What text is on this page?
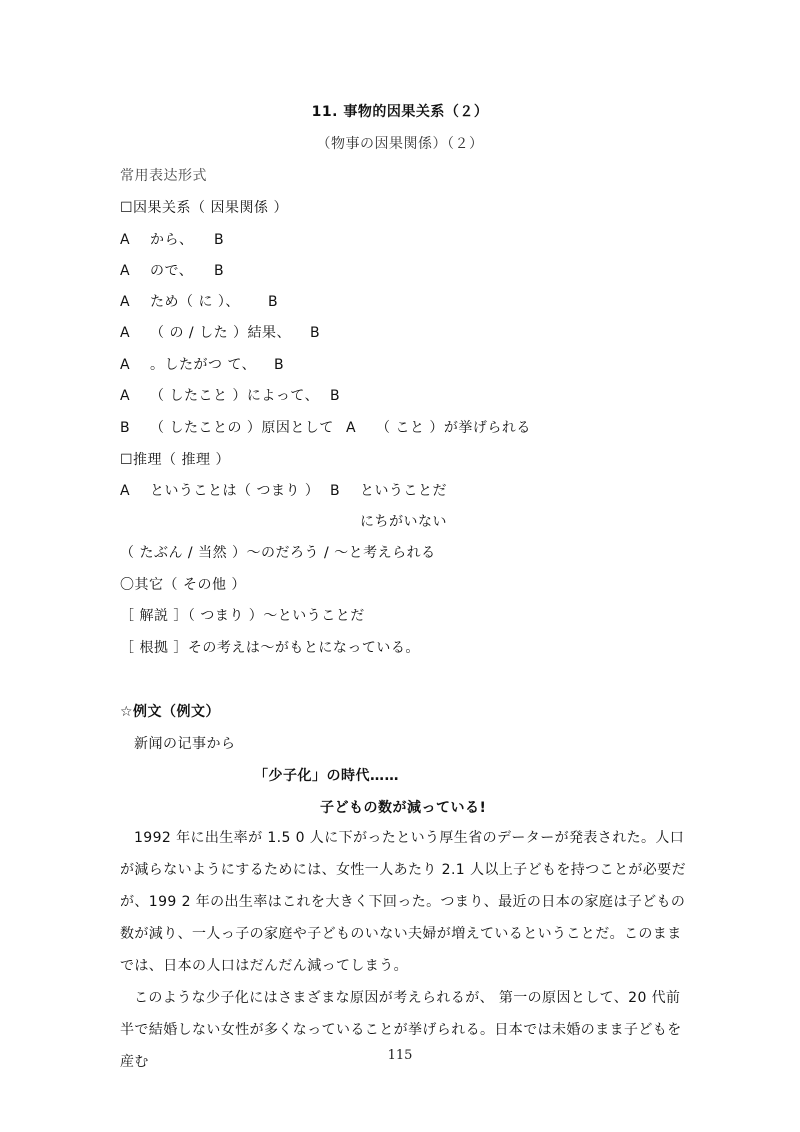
11. 事物的因果关系（２）
（物事の因果関係）（２）
常用表达形式
☐因果关系（ 因果関係 ）
A から、 B
A ので、 B
A ため（ に ）、 B
A （ の / した ）結果、 B
A 。したがつ て、 B
A （ したこと ）によって、 B
B （ したことの ）原因として A （ こと ）が挙げられる
☐推理（ 推理 ）
A ということは（ つまり ） B ということだ
にちがいない
（ たぶん / 当然 ）～のだろう / ～と考えられる
〇其它（ その他 ）
［ 解説 ］（ つまり ）～ということだ
［ 根拠 ］その考えは～がもとになっている。
☆例文（例文）
新闻の记事から
「少子化」の時代……
子どもの数が減っている!
1992 年に出生率が 1.5 0 人に下がったという厚生省のデーターが発表された。人口が減らないようにするためには、女性一人あたり 2.1 人以上子どもを持つことが必要だが、199 2 年の出生率はこれを大きく下回った。つまり、最近の日本の家庭は子どもの数が減り、一人っ子の家庭や子どものいない夫婦が増えているということだ。このままでは、日本の人口はだんだん減ってしまう。
このような少子化にはさまざまな原因が考えられるが、 第一の原因として、20 代前半で結婚しない女性が多くなっていることが挙げられる。日本では未婚のまま子どもを産む	115
